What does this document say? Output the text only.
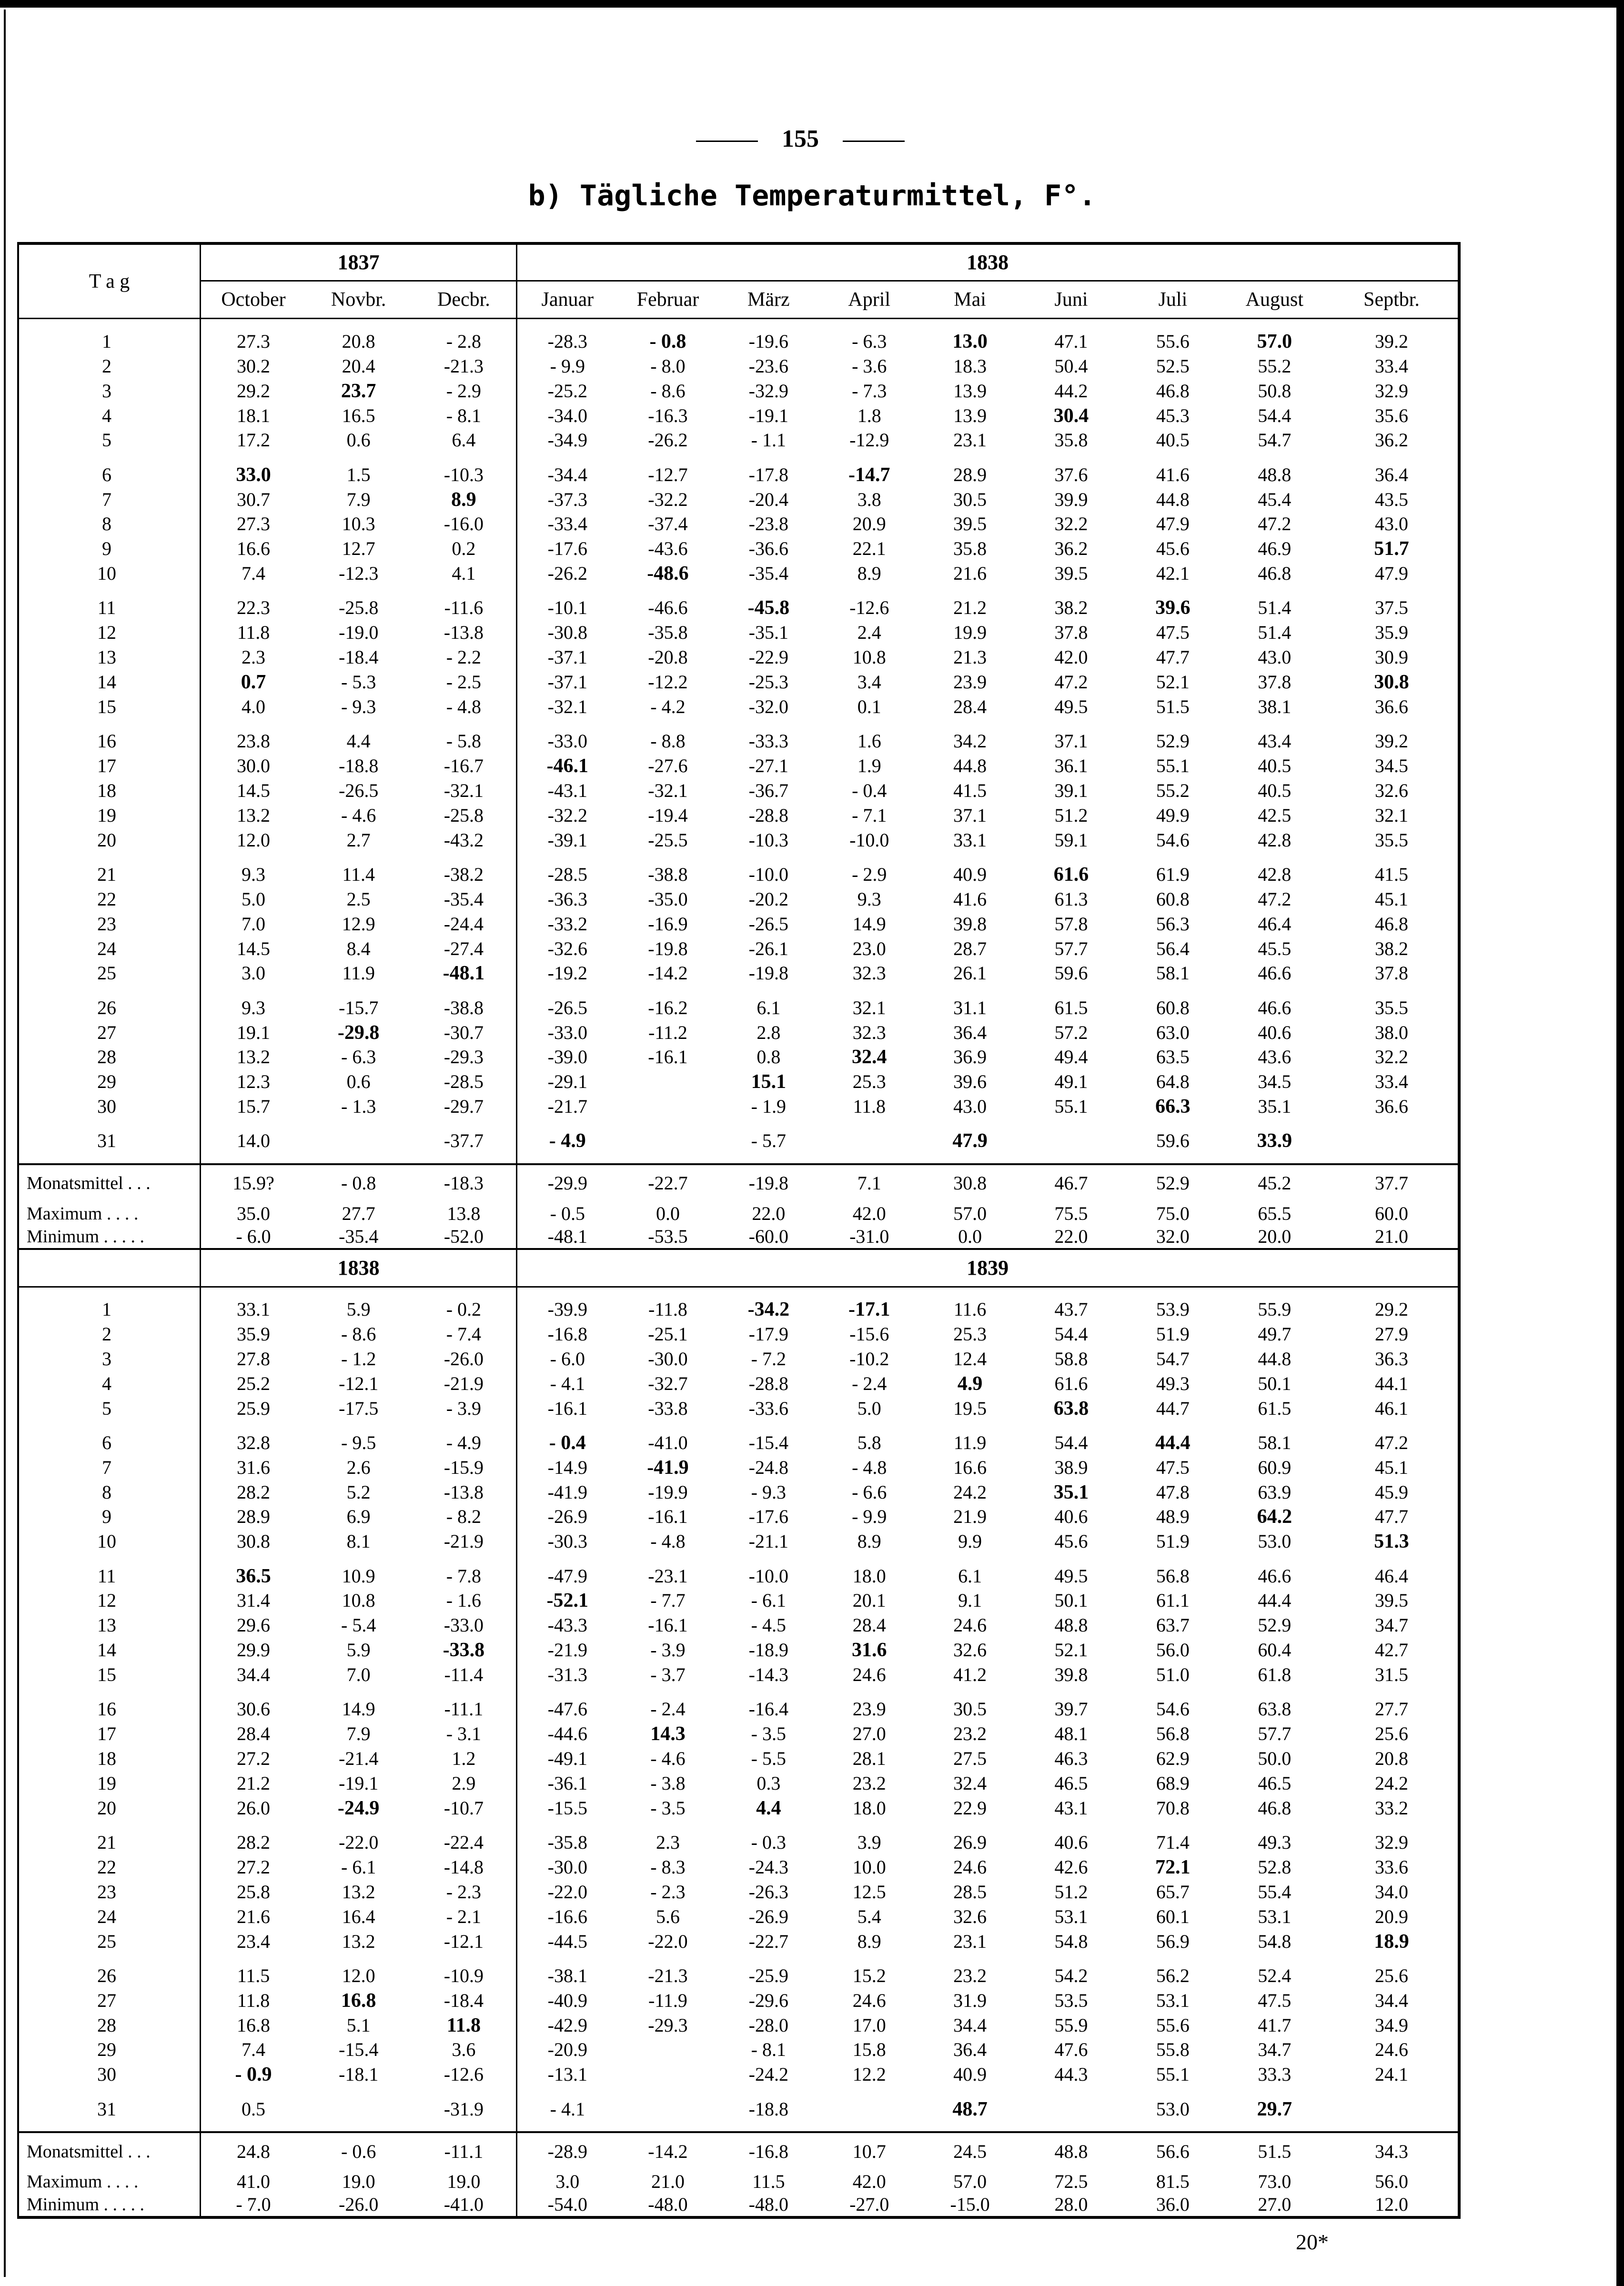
155
b) Tägliche Temperaturmittel, F°.
T a g	1837			1838								
	October	Novbr.	Decbr.	Januar	Februar	März	April	Mai	Juni	Juli	August	Septbr.

1	27.3	20.8	- 2.8	-28.3	- 0.8	-19.6	- 6.3	13.0	47.1	55.6	57.0	39.2
2	30.2	20.4	-21.3	- 9.9	- 8.0	-23.6	- 3.6	18.3	50.4	52.5	55.2	33.4
3	29.2	23.7	- 2.9	-25.2	- 8.6	-32.9	- 7.3	13.9	44.2	46.8	50.8	32.9
4	18.1	16.5	- 8.1	-34.0	-16.3	-19.1	1.8	13.9	30.4	45.3	54.4	35.6
5	17.2	0.6	6.4	-34.9	-26.2	- 1.1	-12.9	23.1	35.8	40.5	54.7	36.2

6	33.0	1.5	-10.3	-34.4	-12.7	-17.8	-14.7	28.9	37.6	41.6	48.8	36.4
7	30.7	7.9	8.9	-37.3	-32.2	-20.4	3.8	30.5	39.9	44.8	45.4	43.5
8	27.3	10.3	-16.0	-33.4	-37.4	-23.8	20.9	39.5	32.2	47.9	47.2	43.0
9	16.6	12.7	0.2	-17.6	-43.6	-36.6	22.1	35.8	36.2	45.6	46.9	51.7
10	7.4	-12.3	4.1	-26.2	-48.6	-35.4	8.9	21.6	39.5	42.1	46.8	47.9

11	22.3	-25.8	-11.6	-10.1	-46.6	-45.8	-12.6	21.2	38.2	39.6	51.4	37.5
12	11.8	-19.0	-13.8	-30.8	-35.8	-35.1	2.4	19.9	37.8	47.5	51.4	35.9
13	2.3	-18.4	- 2.2	-37.1	-20.8	-22.9	10.8	21.3	42.0	47.7	43.0	30.9
14	0.7	- 5.3	- 2.5	-37.1	-12.2	-25.3	3.4	23.9	47.2	52.1	37.8	30.8
15	4.0	- 9.3	- 4.8	-32.1	- 4.2	-32.0	0.1	28.4	49.5	51.5	38.1	36.6

16	23.8	4.4	- 5.8	-33.0	- 8.8	-33.3	1.6	34.2	37.1	52.9	43.4	39.2
17	30.0	-18.8	-16.7	-46.1	-27.6	-27.1	1.9	44.8	36.1	55.1	40.5	34.5
18	14.5	-26.5	-32.1	-43.1	-32.1	-36.7	- 0.4	41.5	39.1	55.2	40.5	32.6
19	13.2	- 4.6	-25.8	-32.2	-19.4	-28.8	- 7.1	37.1	51.2	49.9	42.5	32.1
20	12.0	2.7	-43.2	-39.1	-25.5	-10.3	-10.0	33.1	59.1	54.6	42.8	35.5

21	9.3	11.4	-38.2	-28.5	-38.8	-10.0	- 2.9	40.9	61.6	61.9	42.8	41.5
22	5.0	2.5	-35.4	-36.3	-35.0	-20.2	9.3	41.6	61.3	60.8	47.2	45.1
23	7.0	12.9	-24.4	-33.2	-16.9	-26.5	14.9	39.8	57.8	56.3	46.4	46.8
24	14.5	8.4	-27.4	-32.6	-19.8	-26.1	23.0	28.7	57.7	56.4	45.5	38.2
25	3.0	11.9	-48.1	-19.2	-14.2	-19.8	32.3	26.1	59.6	58.1	46.6	37.8

26	9.3	-15.7	-38.8	-26.5	-16.2	6.1	32.1	31.1	61.5	60.8	46.6	35.5
27	19.1	-29.8	-30.7	-33.0	-11.2	2.8	32.3	36.4	57.2	63.0	40.6	38.0
28	13.2	- 6.3	-29.3	-39.0	-16.1	0.8	32.4	36.9	49.4	63.5	43.6	32.2
29	12.3	0.6	-28.5	-29.1		15.1	25.3	39.6	49.1	64.8	34.5	33.4
30	15.7	- 1.3	-29.7	-21.7		- 1.9	11.8	43.0	55.1	66.3	35.1	36.6

31	14.0		-37.7	- 4.9		- 5.7		47.9		59.6	33.9	

Monatsmittel . . .	15.9?	- 0.8	-18.3	-29.9	-22.7	-19.8	7.1	30.8	46.7	52.9	45.2	37.7
Maximum . . . .	35.0	27.7	13.8	- 0.5	0.0	22.0	42.0	57.0	75.5	75.0	65.5	60.0
Minimum . . . . .	- 6.0	-35.4	-52.0	-48.1	-53.5	-60.0	-31.0	0.0	22.0	32.0	20.0	21.0
	1838			1839								

1	33.1	5.9	- 0.2	-39.9	-11.8	-34.2	-17.1	11.6	43.7	53.9	55.9	29.2
2	35.9	- 8.6	- 7.4	-16.8	-25.1	-17.9	-15.6	25.3	54.4	51.9	49.7	27.9
3	27.8	- 1.2	-26.0	- 6.0	-30.0	- 7.2	-10.2	12.4	58.8	54.7	44.8	36.3
4	25.2	-12.1	-21.9	- 4.1	-32.7	-28.8	- 2.4	4.9	61.6	49.3	50.1	44.1
5	25.9	-17.5	- 3.9	-16.1	-33.8	-33.6	5.0	19.5	63.8	44.7	61.5	46.1

6	32.8	- 9.5	- 4.9	- 0.4	-41.0	-15.4	5.8	11.9	54.4	44.4	58.1	47.2
7	31.6	2.6	-15.9	-14.9	-41.9	-24.8	- 4.8	16.6	38.9	47.5	60.9	45.1
8	28.2	5.2	-13.8	-41.9	-19.9	- 9.3	- 6.6	24.2	35.1	47.8	63.9	45.9
9	28.9	6.9	- 8.2	-26.9	-16.1	-17.6	- 9.9	21.9	40.6	48.9	64.2	47.7
10	30.8	8.1	-21.9	-30.3	- 4.8	-21.1	8.9	9.9	45.6	51.9	53.0	51.3

11	36.5	10.9	- 7.8	-47.9	-23.1	-10.0	18.0	6.1	49.5	56.8	46.6	46.4
12	31.4	10.8	- 1.6	-52.1	- 7.7	- 6.1	20.1	9.1	50.1	61.1	44.4	39.5
13	29.6	- 5.4	-33.0	-43.3	-16.1	- 4.5	28.4	24.6	48.8	63.7	52.9	34.7
14	29.9	5.9	-33.8	-21.9	- 3.9	-18.9	31.6	32.6	52.1	56.0	60.4	42.7
15	34.4	7.0	-11.4	-31.3	- 3.7	-14.3	24.6	41.2	39.8	51.0	61.8	31.5

16	30.6	14.9	-11.1	-47.6	- 2.4	-16.4	23.9	30.5	39.7	54.6	63.8	27.7
17	28.4	7.9	- 3.1	-44.6	14.3	- 3.5	27.0	23.2	48.1	56.8	57.7	25.6
18	27.2	-21.4	1.2	-49.1	- 4.6	- 5.5	28.1	27.5	46.3	62.9	50.0	20.8
19	21.2	-19.1	2.9	-36.1	- 3.8	0.3	23.2	32.4	46.5	68.9	46.5	24.2
20	26.0	-24.9	-10.7	-15.5	- 3.5	4.4	18.0	22.9	43.1	70.8	46.8	33.2

21	28.2	-22.0	-22.4	-35.8	2.3	- 0.3	3.9	26.9	40.6	71.4	49.3	32.9
22	27.2	- 6.1	-14.8	-30.0	- 8.3	-24.3	10.0	24.6	42.6	72.1	52.8	33.6
23	25.8	13.2	- 2.3	-22.0	- 2.3	-26.3	12.5	28.5	51.2	65.7	55.4	34.0
24	21.6	16.4	- 2.1	-16.6	5.6	-26.9	5.4	32.6	53.1	60.1	53.1	20.9
25	23.4	13.2	-12.1	-44.5	-22.0	-22.7	8.9	23.1	54.8	56.9	54.8	18.9

26	11.5	12.0	-10.9	-38.1	-21.3	-25.9	15.2	23.2	54.2	56.2	52.4	25.6
27	11.8	16.8	-18.4	-40.9	-11.9	-29.6	24.6	31.9	53.5	53.1	47.5	34.4
28	16.8	5.1	11.8	-42.9	-29.3	-28.0	17.0	34.4	55.9	55.6	41.7	34.9
29	7.4	-15.4	3.6	-20.9		- 8.1	15.8	36.4	47.6	55.8	34.7	24.6
30	- 0.9	-18.1	-12.6	-13.1		-24.2	12.2	40.9	44.3	55.1	33.3	24.1

31	0.5		-31.9	- 4.1		-18.8		48.7		53.0	29.7	

Monatsmittel . . .	24.8	- 0.6	-11.1	-28.9	-14.2	-16.8	10.7	24.5	48.8	56.6	51.5	34.3
Maximum . . . .	41.0	19.0	19.0	3.0	21.0	11.5	42.0	57.0	72.5	81.5	73.0	56.0
Minimum . . . . .	- 7.0	-26.0	-41.0	-54.0	-48.0	-48.0	-27.0	-15.0	28.0	36.0	27.0	12.0
20*
